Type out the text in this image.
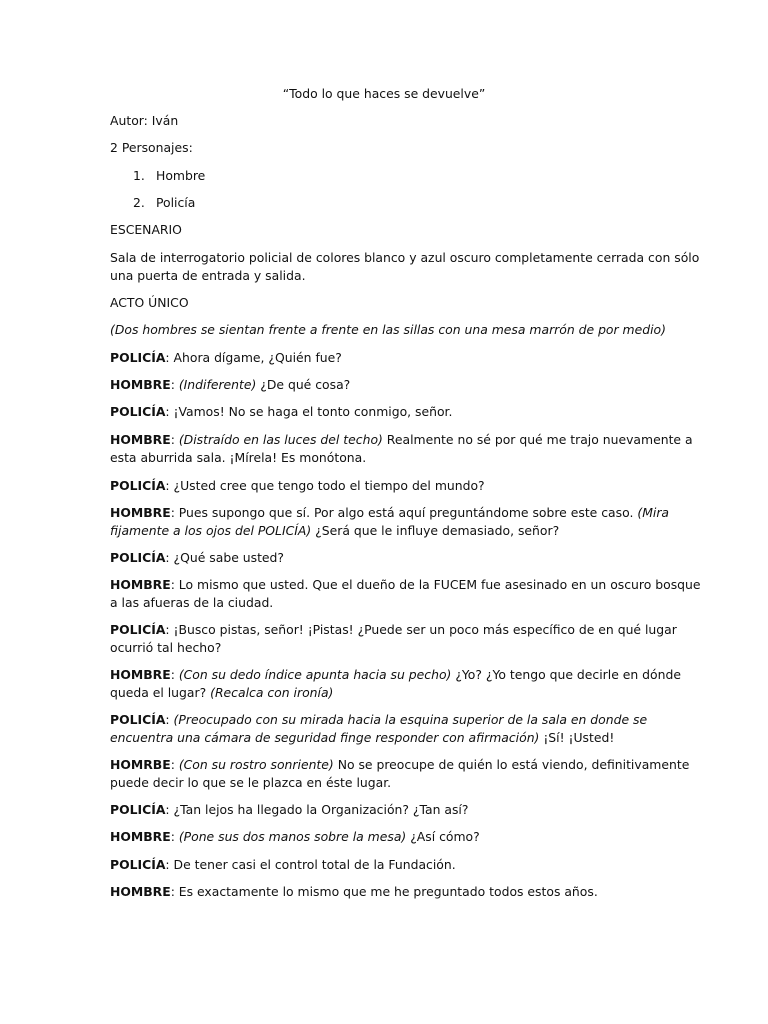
“Todo lo que haces se devuelve”
Autor: Iván
2 Personajes:
1. Hombre
2. Policía
ESCENARIO
Sala de interrogatorio policial de colores blanco y azul oscuro completamente cerrada con sólo
una puerta de entrada y salida.
ACTO ÚNICO
(Dos hombres se sientan frente a frente en las sillas con una mesa marrón de por medio)
POLICÍA: Ahora dígame, ¿Quién fue?
HOMBRE: (Indiferente) ¿De qué cosa?
POLICÍA: ¡Vamos! No se haga el tonto conmigo, señor.
HOMBRE: (Distraído en las luces del techo) Realmente no sé por qué me trajo nuevamente a
esta aburrida sala. ¡Mírela! Es monótona.
POLICÍA: ¿Usted cree que tengo todo el tiempo del mundo?
HOMBRE: Pues supongo que sí. Por algo está aquí preguntándome sobre este caso. (Mira
fijamente a los ojos del POLICÍA) ¿Será que le influye demasiado, señor?
POLICÍA: ¿Qué sabe usted?
HOMBRE: Lo mismo que usted. Que el dueño de la FUCEM fue asesinado en un oscuro bosque
a las afueras de la ciudad.
POLICÍA: ¡Busco pistas, señor! ¡Pistas! ¿Puede ser un poco más específico de en qué lugar
ocurrió tal hecho?
HOMBRE: (Con su dedo índice apunta hacia su pecho) ¿Yo? ¿Yo tengo que decirle en dónde
queda el lugar? (Recalca con ironía)
POLICÍA: (Preocupado con su mirada hacia la esquina superior de la sala en donde se
encuentra una cámara de seguridad finge responder con afirmación) ¡Sí! ¡Usted!
HOMRBE: (Con su rostro sonriente) No se preocupe de quién lo está viendo, definitivamente
puede decir lo que se le plazca en éste lugar.
POLICÍA: ¿Tan lejos ha llegado la Organización? ¿Tan así?
HOMBRE: (Pone sus dos manos sobre la mesa) ¿Así cómo?
POLICÍA: De tener casi el control total de la Fundación.
HOMBRE: Es exactamente lo mismo que me he preguntado todos estos años.
